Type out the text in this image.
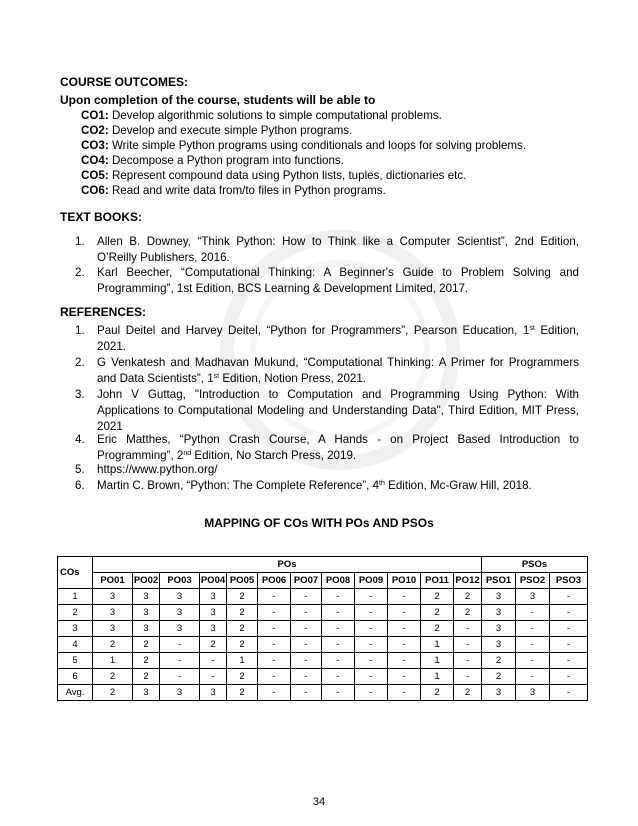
COURSE OUTCOMES:
Upon completion of the course, students will be able to
CO1: Develop algorithmic solutions to simple computational problems.
CO2: Develop and execute simple Python programs.
CO3: Write simple Python programs using conditionals and loops for solving problems.
CO4: Decompose a Python program into functions.
CO5: Represent compound data using Python lists, tuples, dictionaries etc.
CO6: Read and write data from/to files in Python programs.
TEXT BOOKS:
1. Allen B. Downey, “Think Python: How to Think like a Computer Scientist”, 2nd Edition, O’Reilly Publishers, 2016.
2. Karl Beecher, “Computational Thinking: A Beginner's Guide to Problem Solving and Programming”, 1st Edition, BCS Learning & Development Limited, 2017.
REFERENCES:
1. Paul Deitel and Harvey Deitel, “Python for Programmers”, Pearson Education, 1st Edition, 2021.
2. G Venkatesh and Madhavan Mukund, “Computational Thinking: A Primer for Programmers and Data Scientists”, 1st Edition, Notion Press, 2021.
3. John V Guttag, "Introduction to Computation and Programming Using Python: With Applications to Computational Modeling and Understanding Data", Third Edition, MIT Press, 2021
4. Eric Matthes, “Python Crash Course, A Hands - on Project Based Introduction to Programming”, 2nd Edition, No Starch Press, 2019.
5. https://www.python.org/
6. Martin C. Brown, “Python: The Complete Reference”, 4th Edition, Mc-Graw Hill, 2018.
MAPPING OF COs WITH POs AND PSOs
COs	POs												PSOs		
	PO01	PO02	PO03	PO04	PO05	PO06	PO07	PO08	PO09	PO10	PO11	PO12	PSO1	PSO2	PSO3
1	3	3	3	3	2	-	-	-	-	-	2	2	3	3	-
2	3	3	3	3	2	-	-	-	-	-	2	2	3	-	-
3	3	3	3	3	2	-	-	-	-	-	2	-	3	-	-
4	2	2	-	2	2	-	-	-	-	-	1	-	3	-	-
5	1	2	-	-	1	-	-	-	-	-	1	-	2	-	-
6	2	2	-	-	2	-	-	-	-	-	1	-	2	-	-
Avg.	2	3	3	3	2	-	-	-	-	-	2	2	3	3	-
34
